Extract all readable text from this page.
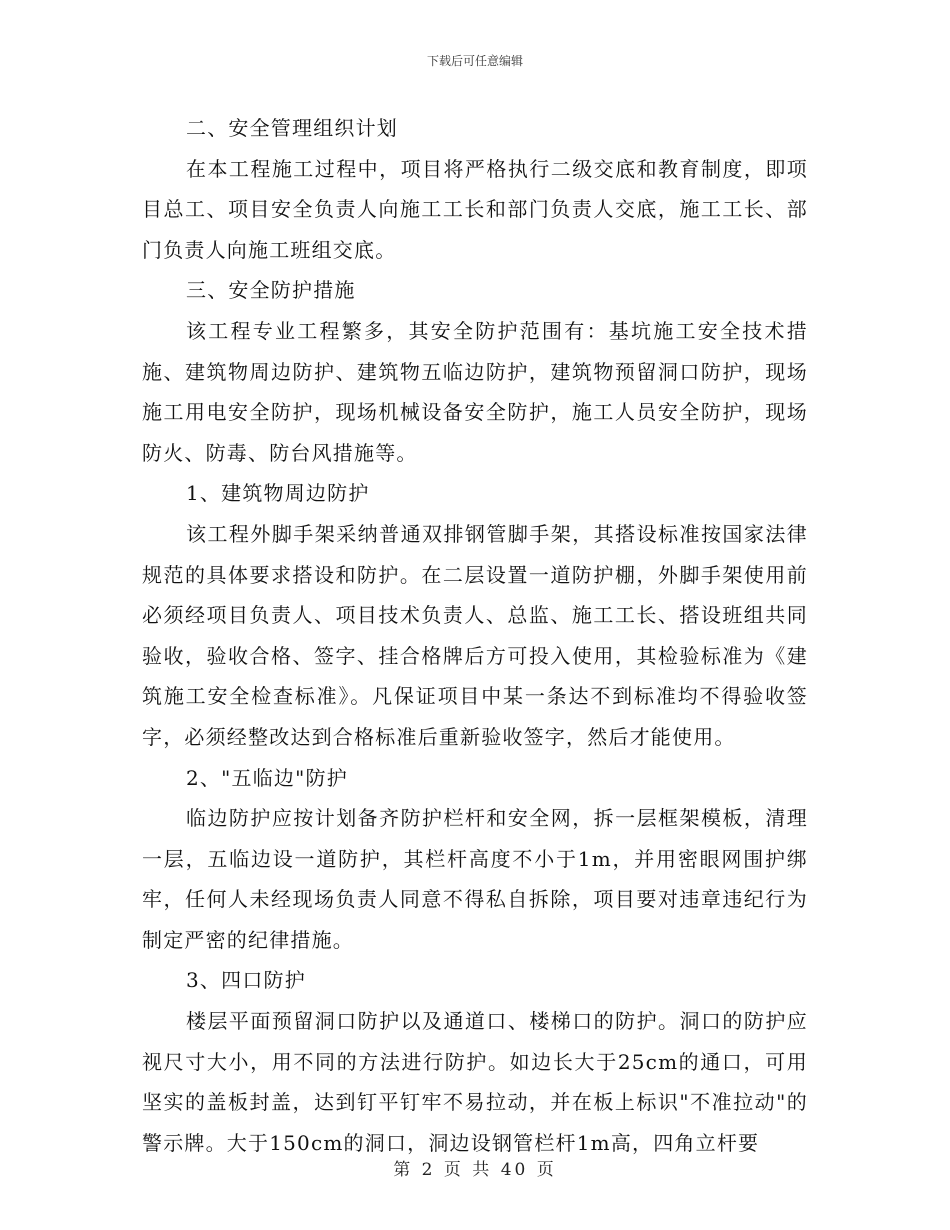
下载后可任意编辑

二、安全管理组织计划

在本工程施工过程中，项目将严格执行二级交底和教育制度，即项目总工、项目安全负责人向施工工长和部门负责人交底，施工工长、部门负责人向施工班组交底。

三、安全防护措施

该工程专业工程繁多，其安全防护范围有：基坑施工安全技术措施、建筑物周边防护、建筑物五临边防护，建筑物预留洞口防护，现场施工用电安全防护，现场机械设备安全防护，施工人员安全防护，现场防火、防毒、防台风措施等。

1、建筑物周边防护

该工程外脚手架采纳普通双排钢管脚手架，其搭设标准按国家法律规范的具体要求搭设和防护。在二层设置一道防护棚，外脚手架使用前必须经项目负责人、项目技术负责人、总监、施工工长、搭设班组共同验收，验收合格、签字、挂合格牌后方可投入使用，其检验标准为《建筑施工安全检查标准》。凡保证项目中某一条达不到标准均不得验收签字，必须经整改达到合格标准后重新验收签字，然后才能使用。

2、"五临边"防护

临边防护应按计划备齐防护栏杆和安全网，拆一层框架模板，清理一层，五临边设一道防护，其栏杆高度不小于1m，并用密眼网围护绑牢，任何人未经现场负责人同意不得私自拆除，项目要对违章违纪行为制定严密的纪律措施。

3、四口防护

楼层平面预留洞口防护以及通道口、楼梯口的防护。洞口的防护应视尺寸大小，用不同的方法进行防护。如边长大于25cm的通口，可用坚实的盖板封盖，达到钉平钉牢不易拉动，并在板上标识"不准拉动"的警示牌。大于150cm的洞口，洞边设钢管栏杆1m高，四角立杆要

第 2 页 共 40 页
